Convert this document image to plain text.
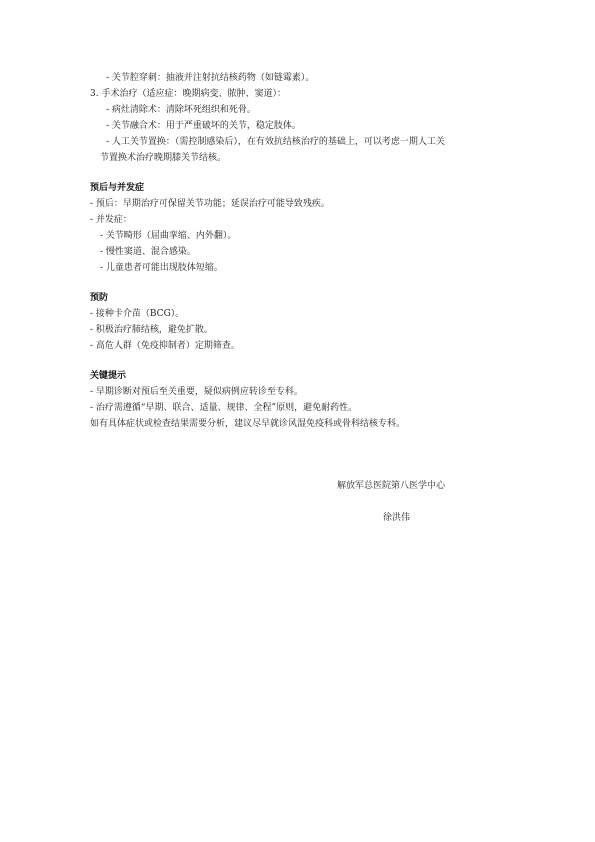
- 关节腔穿刺：抽液并注射抗结核药物（如链霉素）。
3. 手术治疗（适应症：晚期病变、脓肿、窦道）：
- 病灶清除术：清除坏死组织和死骨。
- 关节融合术：用于严重破坏的关节，稳定肢体。
- 人工关节置换：（需控制感染后），在有效抗结核治疗的基础上，可以考虑一期人工关
节置换术治疗晚期膝关节结核。
预后与并发症
- 预后：早期治疗可保留关节功能；延误治疗可能导致残疾。
- 并发症：
- 关节畸形（屈曲挛缩、内外翻）。
- 慢性窦道、混合感染。
- 儿童患者可能出现肢体短缩。
预防
- 接种卡介苗（BCG）。
- 积极治疗肺结核，避免扩散。
- 高危人群（免疫抑制者）定期筛查。
关键提示
- 早期诊断对预后至关重要，疑似病例应转诊至专科。
- 治疗需遵循“早期、联合、适量、规律、全程”原则，避免耐药性。
如有具体症状或检查结果需要分析，建议尽早就诊风湿免疫科或骨科结核专科。
解放军总医院第八医学中心
徐洪伟
